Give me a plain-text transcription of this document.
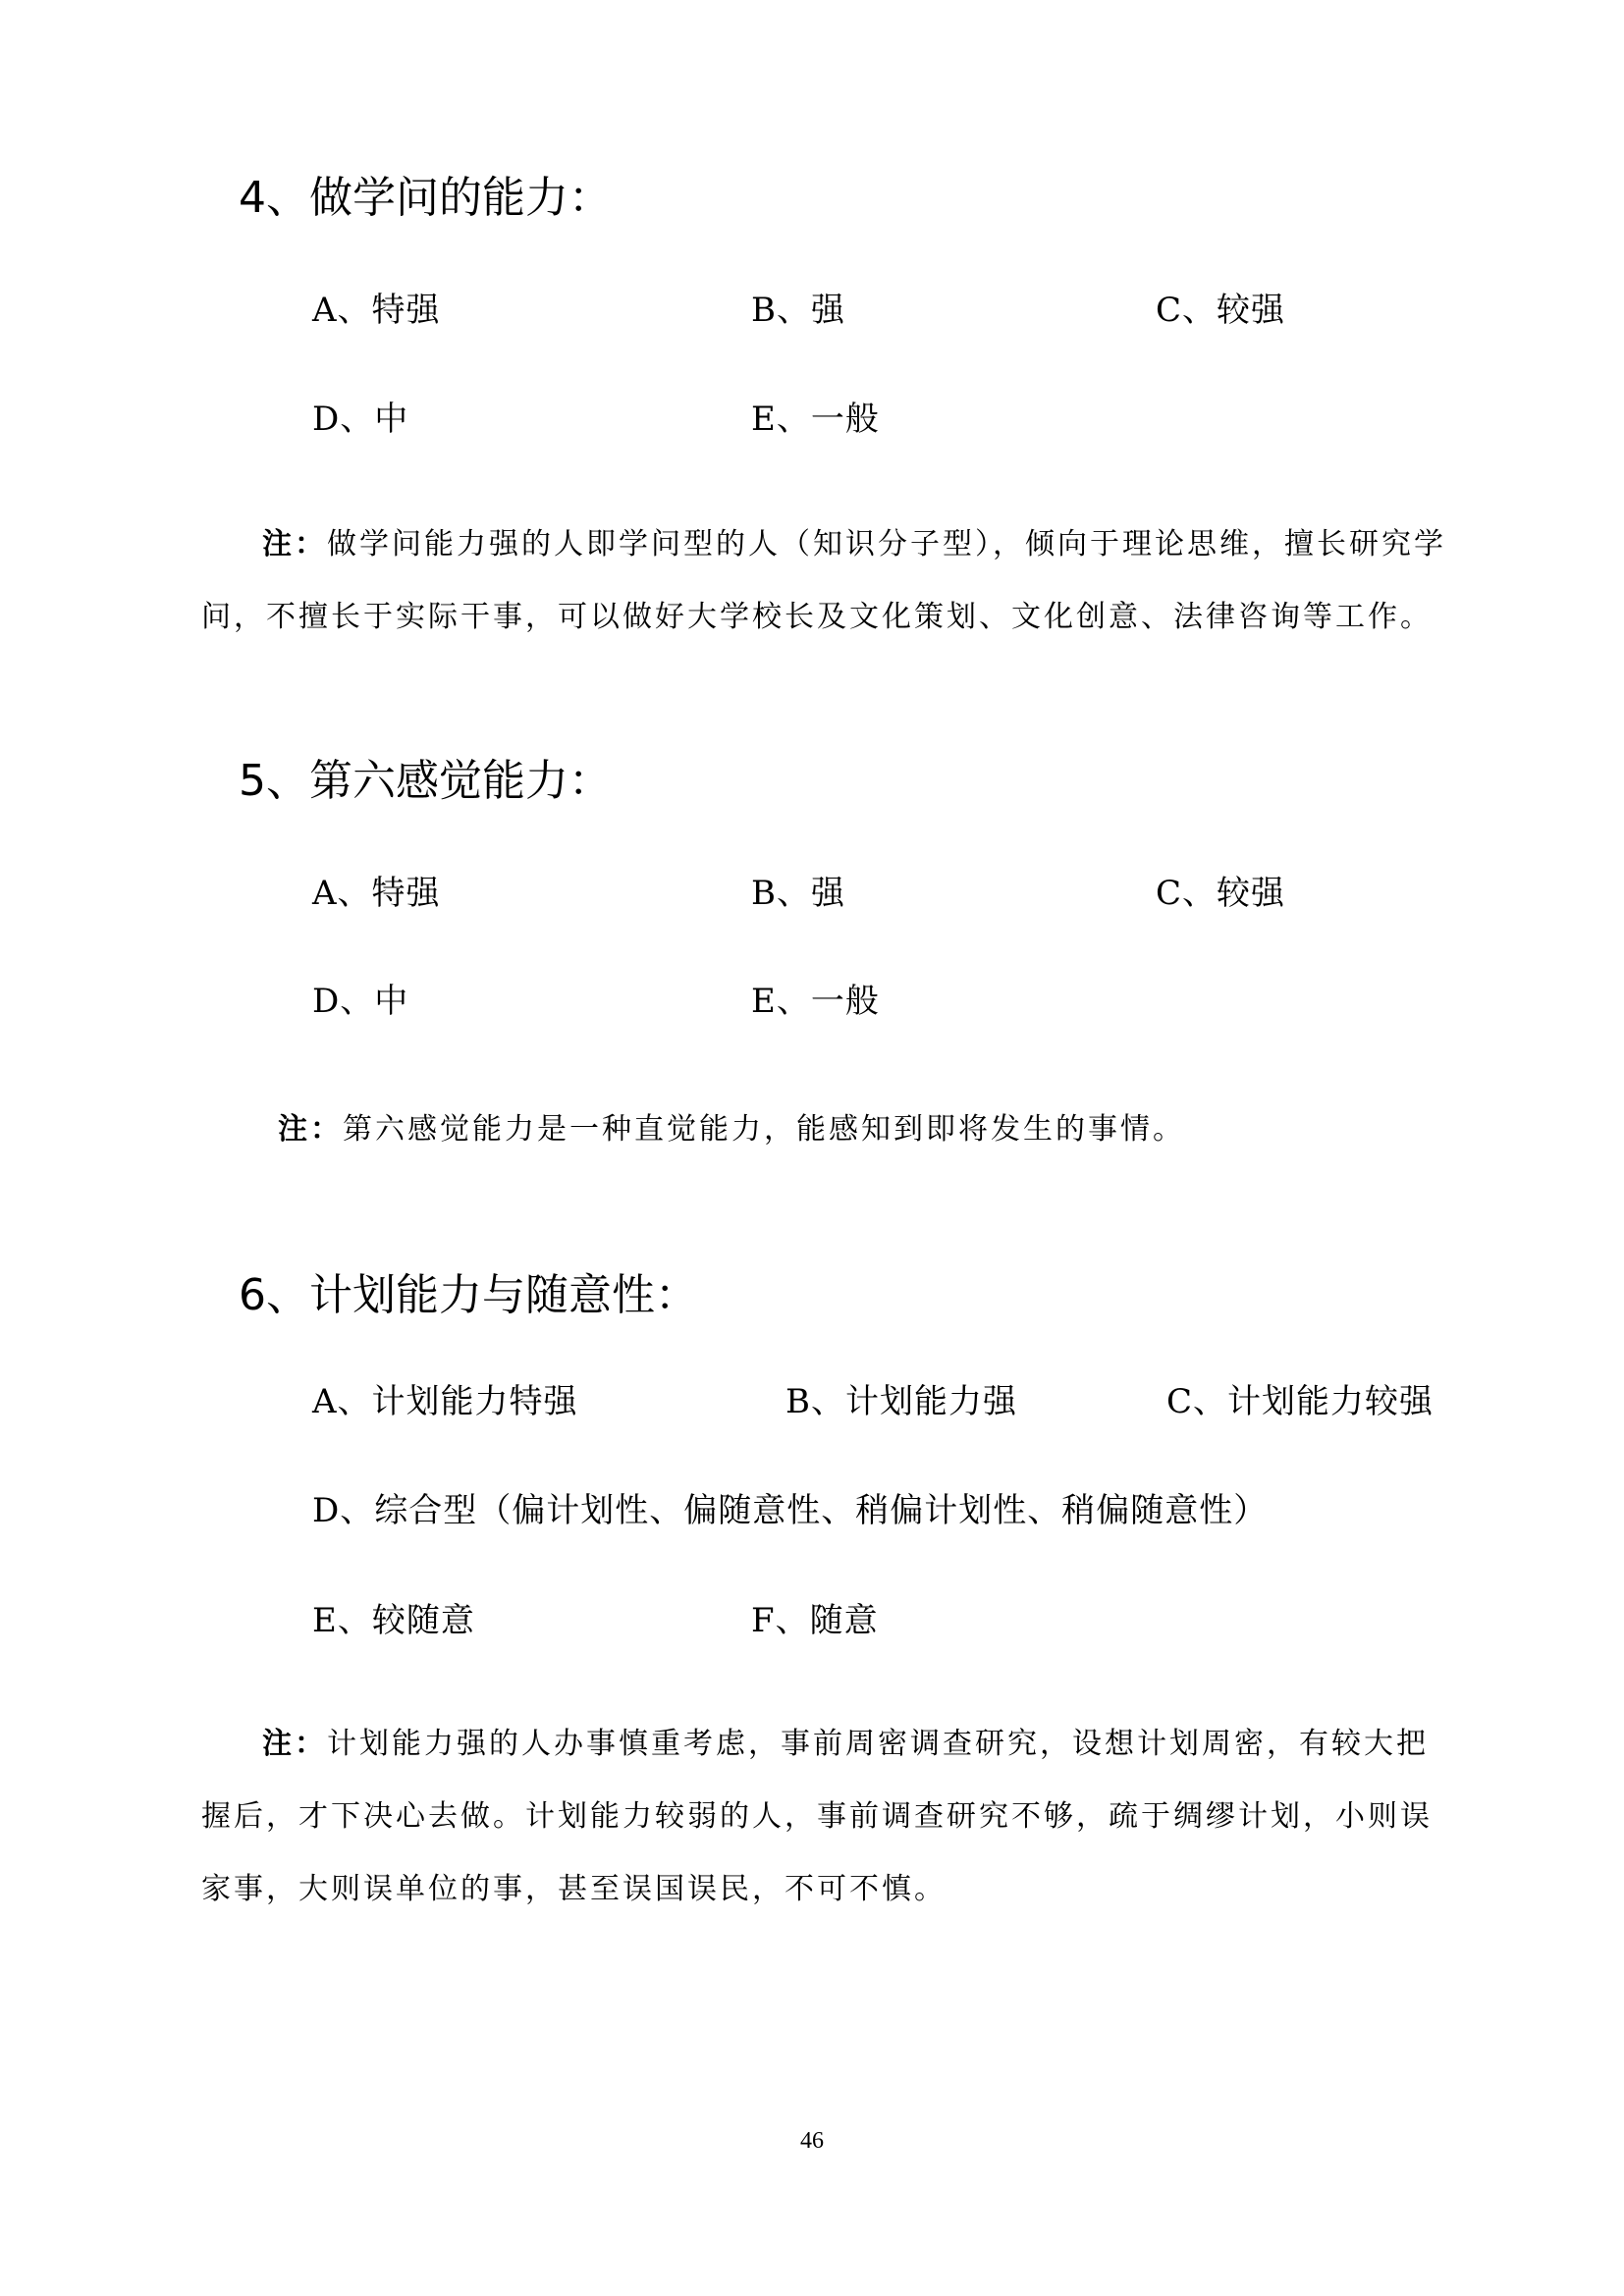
4、做学问的能力：
A、特强	B、强	C、较强
D、中	E、一般
注：做学问能力强的人即学问型的人（知识分子型），倾向于理论思维，擅长研究学问，不擅长于实际干事，可以做好大学校长及文化策划、文化创意、法律咨询等工作。
5、第六感觉能力：
A、特强	B、强	C、较强
D、中	E、一般
注：第六感觉能力是一种直觉能力，能感知到即将发生的事情。
6、计划能力与随意性：
A、计划能力特强	B、计划能力强	C、计划能力较强
D、综合型（偏计划性、偏随意性、稍偏计划性、稍偏随意性）
E、较随意	F、随意
注：计划能力强的人办事慎重考虑，事前周密调查研究，设想计划周密，有较大把握后，才下决心去做。计划能力较弱的人，事前调查研究不够，疏于绸缪计划，小则误家事，大则误单位的事，甚至误国误民，不可不慎。
46
